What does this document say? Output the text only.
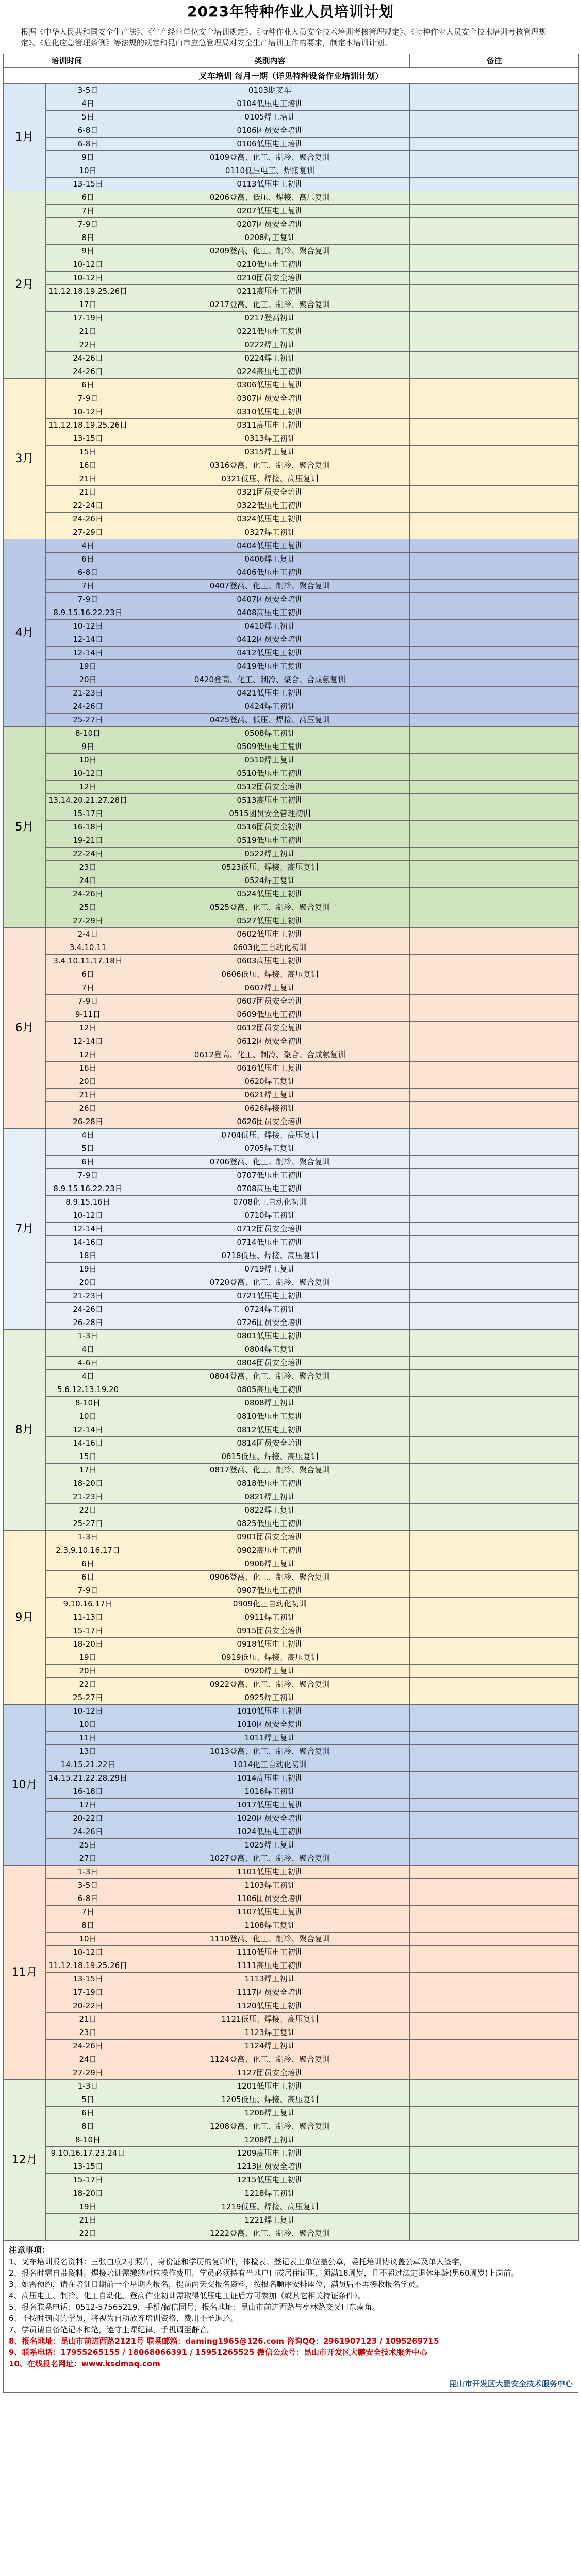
2023年特种作业人员培训计划
根据《中华人民共和国安全生产法》、《生产经营单位安全培训规定》、《特种作业人员安全技术培训考核管理规定》、《特种作业人员安全技术培训考核管理规定》、《危化应急管理条例》等法规的规定和昆山市应急管理局对安全生产培训工作的要求，制定本培训计划。
培训时间		类别内容	备注
叉车培训 每月一期（详见特种设备作业培训计划）			
1月	3-5日	0103期叉车	
	4日	0104低压电工培训	
	5日	0105焊工培训	
	6-8日	0106团员安全培训	
	6-8日	0106低压电工培训	
	9日	0109登高、化工、制冷、聚合复训	
	10日	0110低压电工、焊接复训	
	13-15日	0113低压电工初训	
2月	6日	0206登高、低压、焊接、高压复训	
	7日	0207低压电工复训	
	7-9日	0207团员安全培训	
	8日	0208焊工复训	
	9日	0209登高、化工、制冷、聚合复训	
	10-12日	0210低压电工初训	
	10-12日	0210团员安全培训	
	11.12.18.19.25.26日	0211高压电工初训	
	17日	0217登高、化工、制冷、聚合复训	
	17-19日	0217登高初训	
	21日	0221低压电工复训	
	22日	0222焊工初训	
	24-26日	0224焊工初训	
	24-26日	0224高压电工初训	
3月	6日	0306低压电工复训	
	7-9日	0307团员安全培训	
	10-12日	0310低压电工初训	
	11.12.18.19.25.26日	0311高压电工初训	
	13-15日	0313焊工初训	
	15日	0315焊工复训	
	16日	0316登高、化工、制冷、聚合复训	
	21日	0321低压、焊接、高压复训	
	21日	0321团员安全培训	
	22-24日	0322低压电工初训	
	24-26日	0324低压电工初训	
	27-29日	0327焊工初训	
4月	4日	0404低压电工复训	
	6日	0406焊工复训	
	6-8日	0406低压电工初训	
	7日	0407登高、化工、制冷、聚合复训	
	7-9日	0407团员安全培训	
	8.9.15.16.22.23日	0408高压电工初训	
	10-12日	0410焊工初训	
	12-14日	0412团员安全培训	
	12-14日	0412低压电工初训	
	19日	0419低压电工复训	
	20日	0420登高、化工、制冷、聚合、合成氨复训	
	21-23日	0421低压电工初训	
	24-26日	0424焊工初训	
	25-27日	0425登高、低压、焊接、高压复训	
5月	8-10日	0508焊工初训	
	9日	0509低压电工复训	
	10日	0510焊工复训	
	10-12日	0510低压电工初训	
	12日	0512团员安全培训	
	13.14.20.21.27.28日	0513高压电工初训	
	15-17日	0515团员安全管理初训	
	16-18日	0516团员安全初训	
	19-21日	0519低压电工初训	
	22-24日	0522焊工初训	
	23日	0523低压、焊接、高压复训	
	24日	0524焊工复训	
	24-26日	0524低压电工初训	
	25日	0525登高、化工、制冷、聚合复训	
	27-29日	0527低压电工初训	
6月	2-4日	0602低压电工初训	
	3.4.10.11	0603化工自动化初训	
	3.4.10.11.17.18日	0603高压电工初训	
	6日	0606低压、焊接、高压复训	
	7日	0607焊工复训	
	7-9日	0607团员安全培训	
	9-11日	0609低压电工初训	
	12日	0612团员安全复训	
	12-14日	0612团员安全初训	
	12日	0612登高、化工、制冷、聚合、合成氨复训	
	16日	0616低压电工复训	
	20日	0620焊工复训	
	21日	0621焊工复训	
	26日	0626焊接初训	
	26-28日	0626团员安全培训	
7月	4日	0704低压、焊接、高压复训	
	5日	0705焊工复训	
	6日	0706登高、化工、制冷、聚合复训	
	7-9日	0707低压电工初训	
	8.9.15.16.22.23日	0708高压电工初训	
	8.9.15.16日	0708化工自动化初训	
	10-12日	0710焊工初训	
	12-14日	0712团员安全培训	
	14-16日	0714低压电工初训	
	18日	0718低压、焊接、高压复训	
	19日	0719焊工复训	
	20日	0720登高、化工、制冷、聚合复训	
	21-23日	0721低压电工初训	
	24-26日	0724焊工初训	
	26-28日	0726团员安全培训	
8月	1-3日	0801低压电工初训	
	4日	0804焊工复训	
	4-6日	0804团员安全培训	
	4日	0804登高、化工、制冷、聚合复训	
	5.6.12.13.19.20	0805高压电工初训	
	8-10日	0808焊工初训	
	10日	0810低压电工复训	
	12-14日	0812低压电工初训	
	14-16日	0814团员安全培训	
	15日	0815低压、焊接、高压复训	
	17日	0817登高、化工、制冷、聚合复训	
	18-20日	0818低压电工初训	
	21-23日	0821焊工初训	
	22日	0822焊工复训	
	25-27日	0825低压电工初训	
9月	1-3日	0901团员安全培训	
	2.3.9.10.16.17日	0902高压电工初训	
	6日	0906焊工复训	
	6日	0906登高、化工、制冷、聚合复训	
	7-9日	0907低压电工初训	
	9.10.16.17日	0909化工自动化初训	
	11-13日	0911焊工初训	
	15-17日	0915团员安全培训	
	18-20日	0918低压电工初训	
	19日	0919低压、焊接、高压复训	
	20日	0920焊工复训	
	22日	0922登高、化工、制冷、聚合复训	
	25-27日	0925焊工初训	
10月	10-12日	1010低压电工初训	
	10日	1010团员安全复训	
	11日	1011焊工复训	
	13日	1013登高、化工、制冷、聚合复训	
	14.15.21.22日	1014化工自动化初训	
	14.15.21.22.28.29日	1014高压电工初训	
	16-18日	1016焊工初训	
	17日	1017低压电工复训	
	20-22日	1020团员安全培训	
	24-26日	1024低压电工初训	
	25日	1025焊工复训	
	27日	1027登高、化工、制冷、聚合复训	
11月	1-3日	1101低压电工初训	
	3-5日	1103焊工初训	
	6-8日	1106团员安全培训	
	7日	1107低压电工复训	
	8日	1108焊工复训	
	10日	1110登高、化工、制冷、聚合复训	
	10-12日	1110低压电工初训	
	11.12.18.19.25.26日	1111高压电工初训	
	13-15日	1113焊工初训	
	17-19日	1117团员安全培训	
	20-22日	1120低压电工初训	
	21日	1121低压、焊接、高压复训	
	23日	1123焊工复训	
	24-26日	1124焊工初训	
	24日	1124登高、化工、制冷、聚合复训	
	27-29日	1127团员安全培训	
12月	1-3日	1201低压电工初训	
	5日	1205低压、焊接、高压复训	
	6日	1206焊工复训	
	8日	1208登高、化工、制冷、聚合复训	
	8-10日	1208焊工初训	
	9.10.16.17.23.24日	1209高压电工初训	
	13-15日	1213团员安全培训	
	15-17日	1215低压电工初训	
	18-20日	1218焊工初训	
	19日	1219低压、焊接、高压复训	
	21日	1221焊工复训	
	22日	1222登高、化工、制冷、聚合复训	
注意事项：
1、叉车培训报名资料：三张白底2寸照片，身份证和学历的复印件，体检表、登记表上单位盖公章，委托培训协议盖公章及单人签字，
2、报名时需自带资料。焊接培训需缴纳对应操作费用。学员必须持有当地户口或居住证明，须满18周岁，且不超过法定退休年龄(男60周岁)上岗前。
3、如需预约，请在培训日期前一个星期内报名，提前两天交报名资料，按报名顺序安排座位，满员后不再接收报名学员。
4、高压电工、制冷、化工自动化、登高作业初训需取得低压电工证后方可参加（或其它相关持证条件）。
5、报名联系电话：0512-57565219，手机/微信同号；报名地址：昆山市前进西路与亭林路交叉口东南角。
6、不按时到岗的学员，将视为自动放弃培训资格，费用不予退还。
7、学员请自备笔记本和笔，遵守上课纪律，手机调至静音。
8、报名地址：昆山市前进西路2121号 联系邮箱：daming1965@126.com 咨询QQ：2961907123 / 1095269715
9、联系电话：17955265155 / 18068066391 / 15951265525 微信公众号：昆山市开发区大鹏安全技术服务中心
10、在线报名网址：www.ksdmaq.com
昆山市开发区大鹏安全技术服务中心
